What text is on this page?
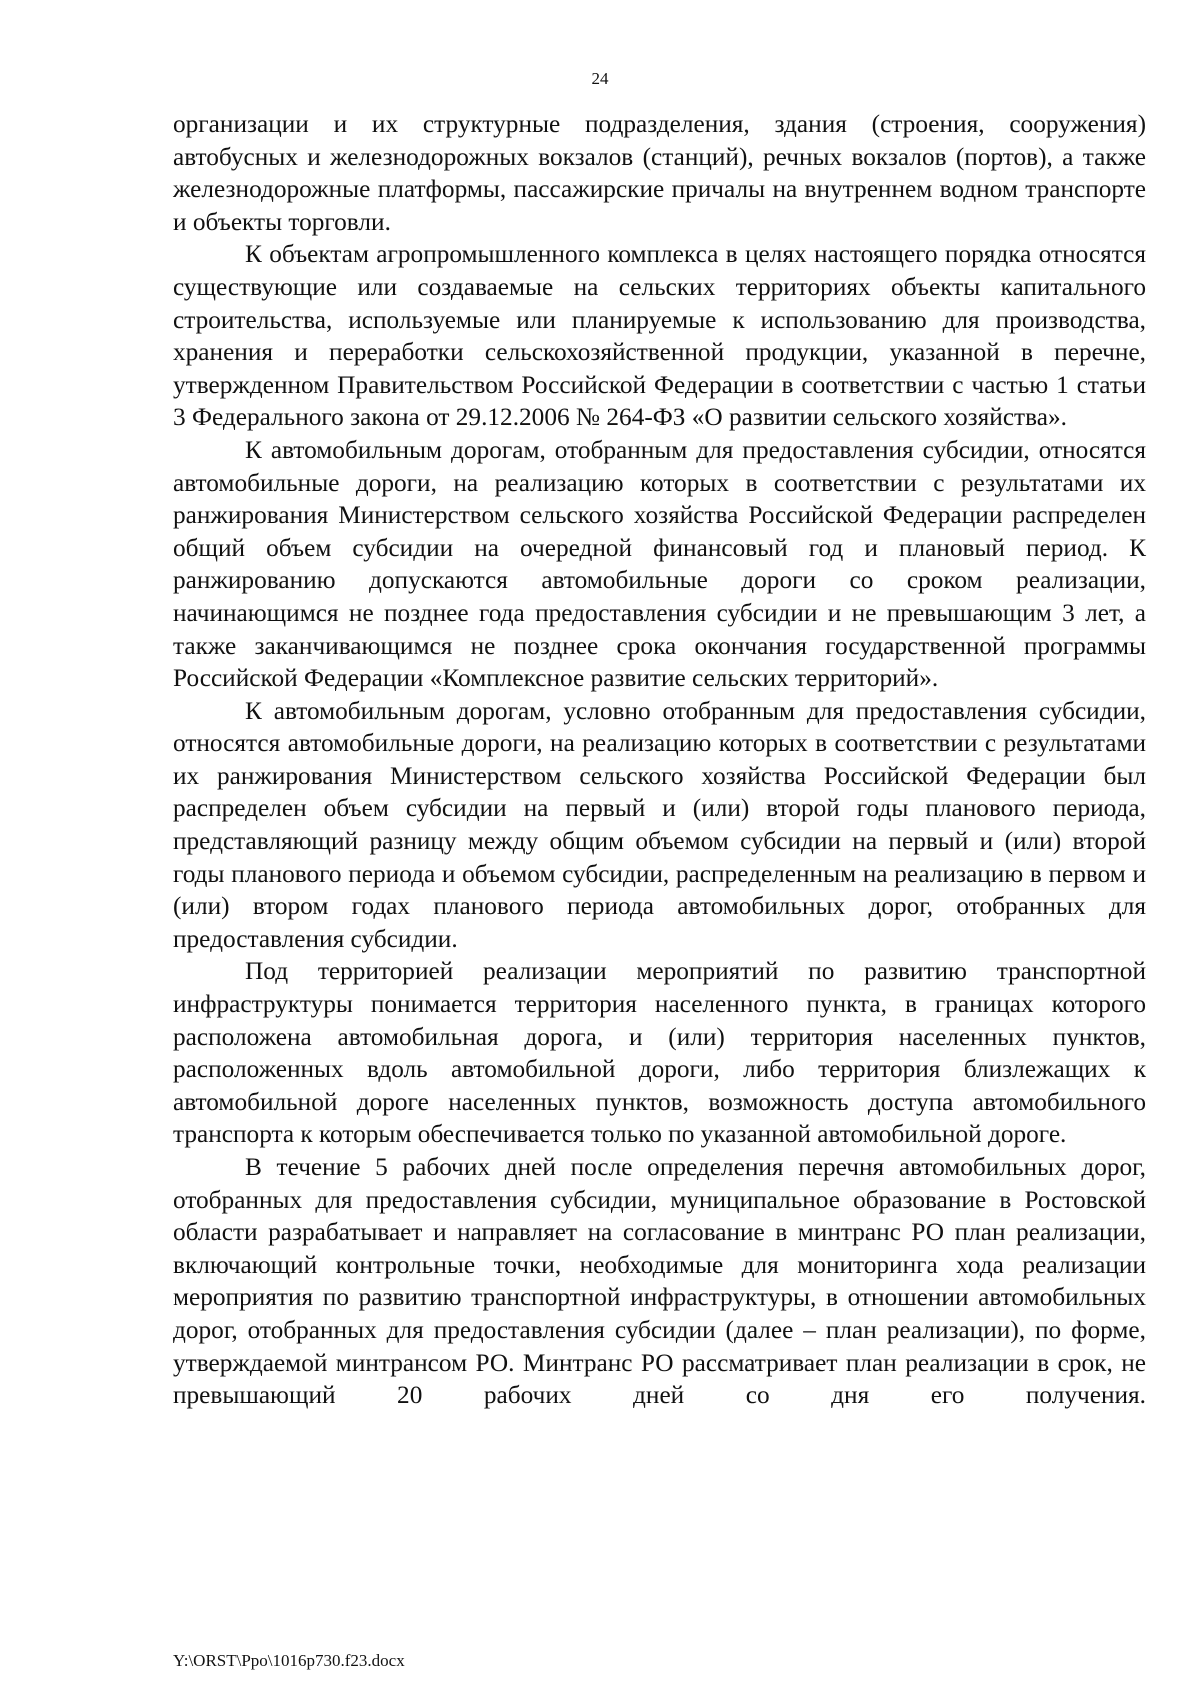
24

организации и их структурные подразделения, здания (строения, сооружения) автобусных и железнодорожных вокзалов (станций), речных вокзалов (портов), а также железнодорожные платформы, пассажирские причалы на внутреннем водном транспорте и объекты торговли.

К объектам агропромышленного комплекса в целях настоящего порядка относятся существующие или создаваемые на сельских территориях объекты капитального строительства, используемые или планируемые к использованию для производства, хранения и переработки сельскохозяйственной продукции, указанной в перечне, утвержденном Правительством Российской Федерации в соответствии с частью 1 статьи 3 Федерального закона от 29.12.2006 № 264-ФЗ «О развитии сельского хозяйства».

К автомобильным дорогам, отобранным для предоставления субсидии, относятся автомобильные дороги, на реализацию которых в соответствии с результатами их ранжирования Министерством сельского хозяйства Российской Федерации распределен общий объем субсидии на очередной финансовый год и плановый период. К ранжированию допускаются автомобильные дороги со сроком реализации, начинающимся не позднее года предоставления субсидии и не превышающим 3 лет, а также заканчивающимся не позднее срока окончания государственной программы Российской Федерации «Комплексное развитие сельских территорий».

К автомобильным дорогам, условно отобранным для предоставления субсидии, относятся автомобильные дороги, на реализацию которых в соответствии с результатами их ранжирования Министерством сельского хозяйства Российской Федерации был распределен объем субсидии на первый и (или) второй годы планового периода, представляющий разницу между общим объемом субсидии на первый и (или) второй годы планового периода и объемом субсидии, распределенным на реализацию в первом и (или) втором годах планового периода автомобильных дорог, отобранных для предоставления субсидии.

Под территорией реализации мероприятий по развитию транспортной инфраструктуры понимается территория населенного пункта, в границах которого расположена автомобильная дорога, и (или) территория населенных пунктов, расположенных вдоль автомобильной дороги, либо территория близлежащих к автомобильной дороге населенных пунктов, возможность доступа автомобильного транспорта к которым обеспечивается только по указанной автомобильной дороге.

В течение 5 рабочих дней после определения перечня автомобильных дорог, отобранных для предоставления субсидии, муниципальное образование в Ростовской области разрабатывает и направляет на согласование в минтранс РО план реализации, включающий контрольные точки, необходимые для мониторинга хода реализации мероприятия по развитию транспортной инфраструктуры, в отношении автомобильных дорог, отобранных для предоставления субсидии (далее – план реализации), по форме, утверждаемой минтрансом РО. Минтранс РО рассматривает план реализации в срок, не превышающий 20 рабочих дней со дня его получения.

Y:\ORST\Ppo\1016p730.f23.docx
